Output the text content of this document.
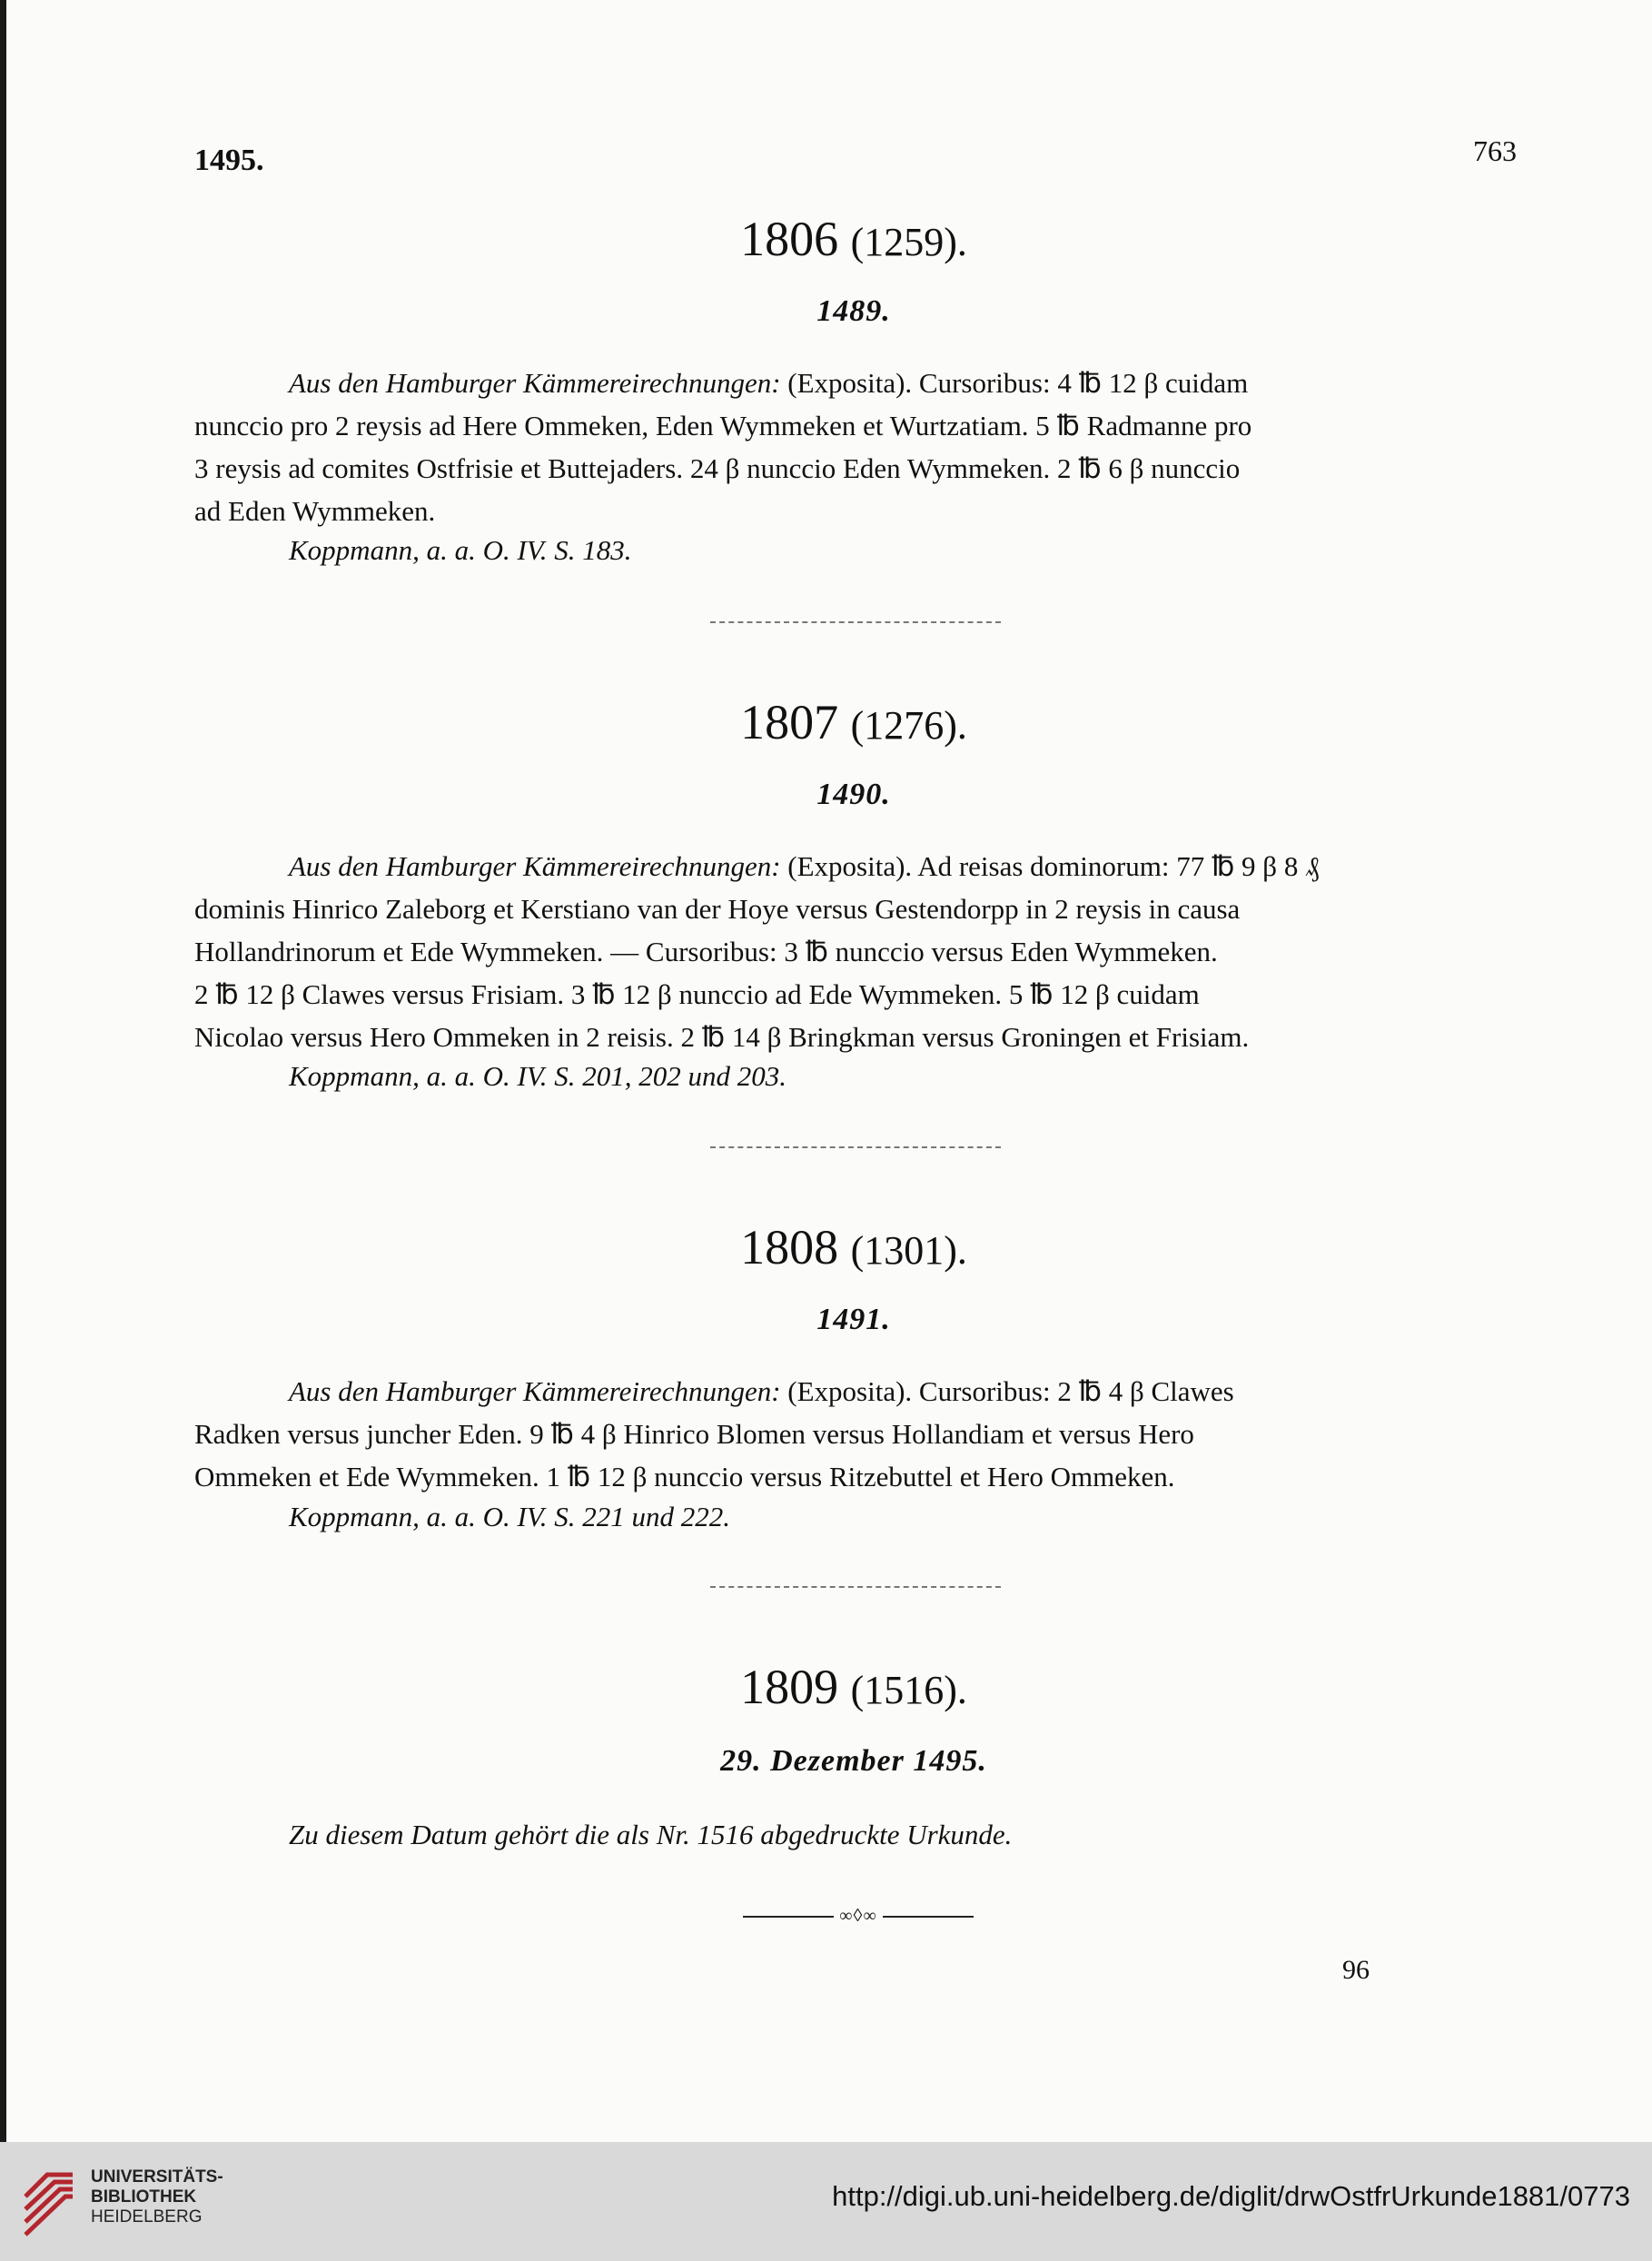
1495.	763
1806 (1259).
1489.
Aus den Hamburger Kämmereirechnungen: (Exposita). Cursoribus: 4 ℔ 12 β cuidam
nunccio pro 2 reysis ad Here Ommeken, Eden Wymmeken et Wurtzatiam. 5 ℔ Radmanne pro
3 reysis ad comites Ostfrisie et Buttejaders. 24 β nunccio Eden Wymmeken. 2 ℔ 6 β nunccio
ad Eden Wymmeken.
Koppmann, a. a. O. IV. S. 183.
1807 (1276).
1490.
Aus den Hamburger Kämmereirechnungen: (Exposita). Ad reisas dominorum: 77 ℔ 9 β 8 ₰
dominis Hinrico Zaleborg et Kerstiano van der Hoye versus Gestendorpp in 2 reysis in causa
Hollandrinorum et Ede Wymmeken. — Cursoribus: 3 ℔ nunccio versus Eden Wymmeken.
2 ℔ 12 β Clawes versus Frisiam. 3 ℔ 12 β nunccio ad Ede Wymmeken. 5 ℔ 12 β cuidam
Nicolao versus Hero Ommeken in 2 reisis. 2 ℔ 14 β Bringkman versus Groningen et Frisiam.
Koppmann, a. a. O. IV. S. 201, 202 und 203.
1808 (1301).
1491.
Aus den Hamburger Kämmereirechnungen: (Exposita). Cursoribus: 2 ℔ 4 β Clawes
Radken versus juncher Eden. 9 ℔ 4 β Hinrico Blomen versus Hollandiam et versus Hero
Ommeken et Ede Wymmeken. 1 ℔ 12 β nunccio versus Ritzebuttel et Hero Ommeken.
Koppmann, a. a. O. IV. S. 221 und 222.
1809 (1516).
29. Dezember 1495.
Zu diesem Datum gehört die als Nr. 1516 abgedruckte Urkunde.
∞◊∞
96
UNIVERSITÄTS-
BIBLIOTHEK
HEIDELBERG
http://digi.ub.uni-heidelberg.de/diglit/drwOstfrUrkunde1881/0773
